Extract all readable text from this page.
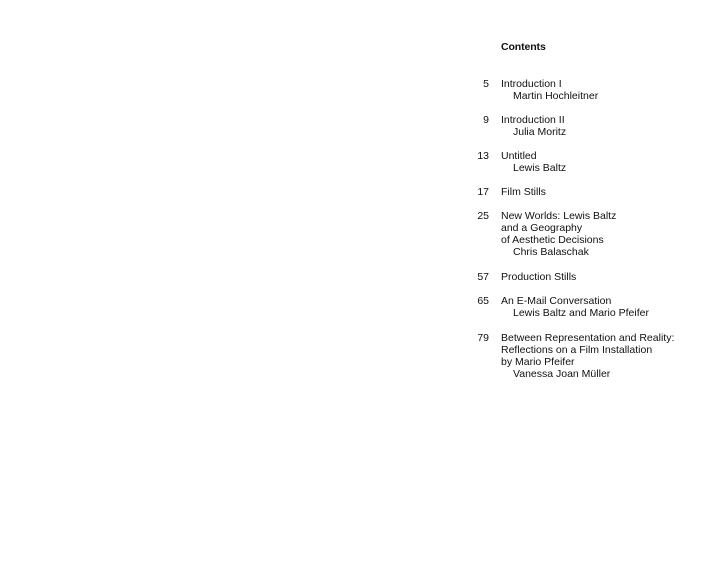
Contents
5 Introduction I
Martin Hochleitner
9 Introduction II
Julia Moritz
13 Untitled
Lewis Baltz
17 Film Stills
25 New Worlds: Lewis Baltz
and a Geography
of Aesthetic Decisions
Chris Balaschak
57 Production Stills
65 An E-Mail Conversation
Lewis Baltz and Mario Pfeifer
79 Between Representation and Reality:
Reflections on a Film Installation
by Mario Pfeifer
Vanessa Joan Müller
